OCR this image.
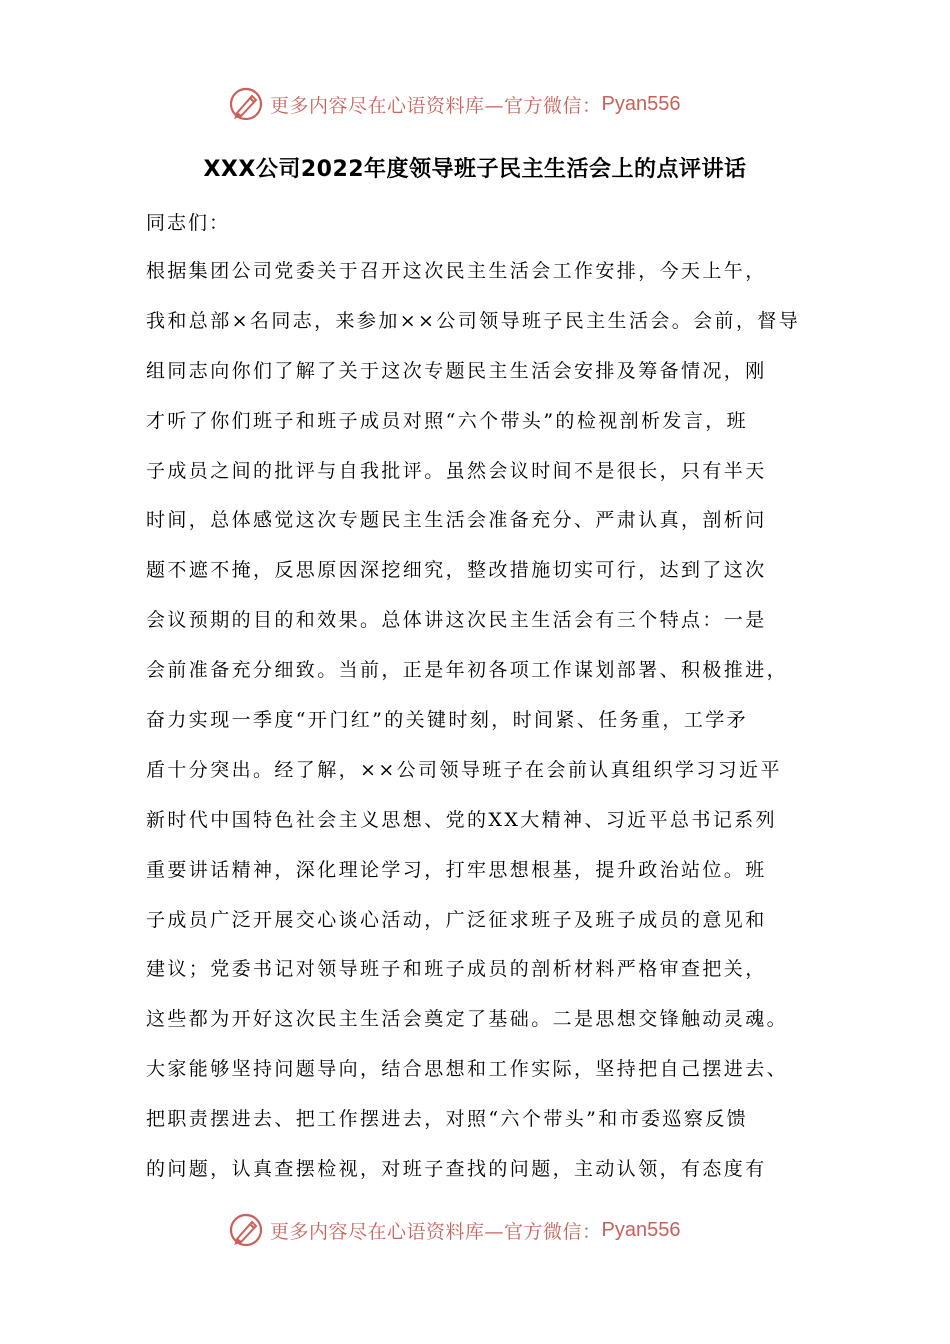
更多内容尽在心语资料库—官方微信： Pyan556
XXX公司2022年度领导班子民主生活会上的点评讲话
同志们：
根据集团公司党委关于召开这次民主生活会工作安排，今天上午，
我和总部×名同志，来参加××公司领导班子民主生活会。会前，督导
组同志向你们了解了关于这次专题民主生活会安排及筹备情况，刚
才听了你们班子和班子成员对照“六个带头”的检视剖析发言，班
子成员之间的批评与自我批评。虽然会议时间不是很长，只有半天
时间，总体感觉这次专题民主生活会准备充分、严肃认真，剖析问
题不遮不掩，反思原因深挖细究，整改措施切实可行，达到了这次
会议预期的目的和效果。总体讲这次民主生活会有三个特点：一是
会前准备充分细致。当前，正是年初各项工作谋划部署、积极推进，
奋力实现一季度“开门红”的关键时刻，时间紧、任务重，工学矛
盾十分突出。经了解，××公司领导班子在会前认真组织学习习近平
新时代中国特色社会主义思想、党的XX大精神、习近平总书记系列
重要讲话精神，深化理论学习，打牢思想根基，提升政治站位。班
子成员广泛开展交心谈心活动，广泛征求班子及班子成员的意见和
建议；党委书记对领导班子和班子成员的剖析材料严格审查把关，
这些都为开好这次民主生活会奠定了基础。二是思想交锋触动灵魂。
大家能够坚持问题导向，结合思想和工作实际，坚持把自己摆进去、
把职责摆进去、把工作摆进去，对照“六个带头”和市委巡察反馈
的问题，认真查摆检视，对班子查找的问题，主动认领，有态度有
更多内容尽在心语资料库—官方微信： Pyan556
